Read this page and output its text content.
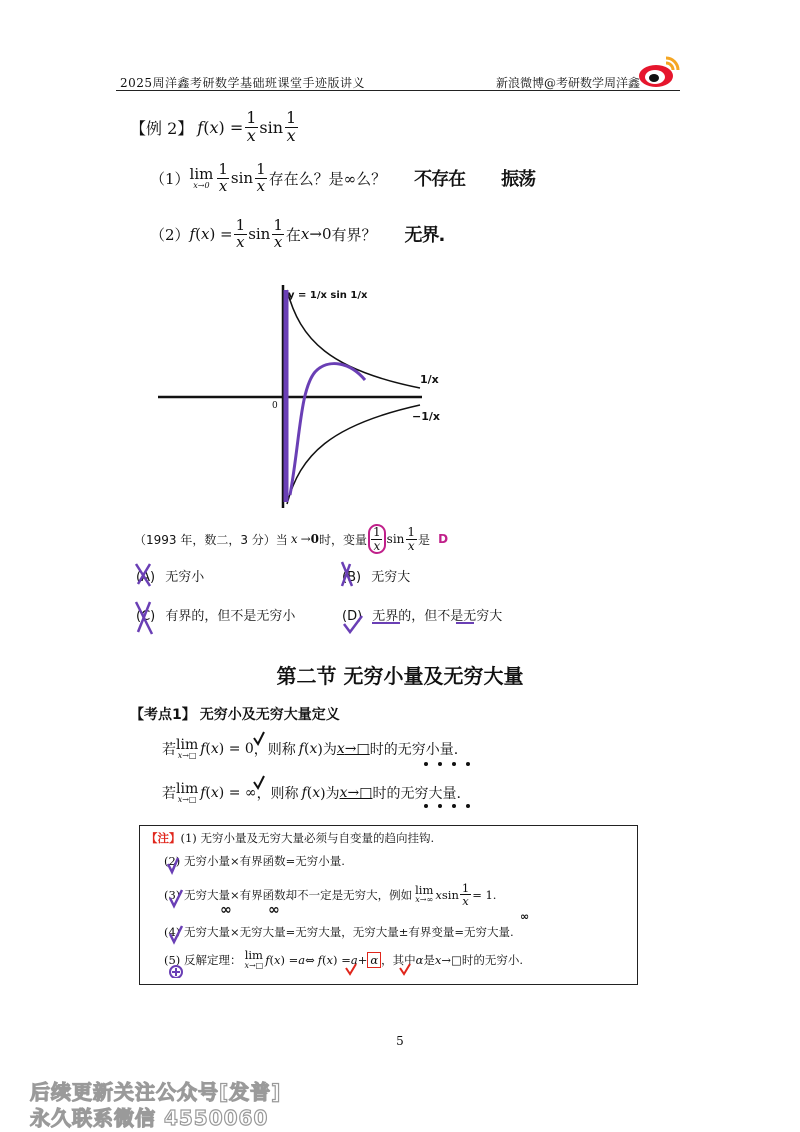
2025周洋鑫考研数学基础班课堂手迹版讲义	新浪微博@考研数学周洋鑫
【例 2】 f ( x ) = $\frac{1}{x}$ $\sin \frac{1}{x}$
（1） lim
$x\to 0 \frac{1}{x}$ $\sin \frac{1}{x}$ 存在么？是∞么？ 不存在 振荡
（2） f ( x ) = $\frac{1}{x}$ $\sin \frac{1}{x}$ 在 x →0 有界？ 无界.
y = 1/x sin 1/x
0
1/x
−1/x
（1993 年，数二，3 分）当 x → 0 时，变量 $\frac{1}{x}$ $\sin \frac{1}{x}$ 是 D
(A) 无穷小	(B) 无穷大
(C) 有界的，但不是无穷小	(D) 无界的，但不是无穷大
第二节 无穷小量及无穷大量
【考点1】 无穷小及无穷大量定义
若 lim
x→□ f ( x ) = 0 ，则称 f ( x )为 x→□ 时的无穷小量.
若 lim
x→□ f ( x ) = ∞ ，则称 f ( x )为 x→□ 时的无穷大量.
【注】 (1) 无穷小量及无穷大量必须与自变量的趋向挂钩.
(2) 无穷小量×有界函数=无穷小量.
(3) 无穷大量×有界函数却不一定是无穷大，例如 lim
x→∞ x $\sin \frac{1}{x} = 1$.
(4) 无穷大量×无穷大量=无穷大量，无穷大量±有界变量=无穷大量.
(5) 反解定理： lim
x→□ f ( x ) = a ⇔ f ( x ) = a + α ，其中 α 是 x →□ 时的无穷小.
∞	∞	∞
5
后续更新关注公众号[发普]
永久联系微信 4550060
